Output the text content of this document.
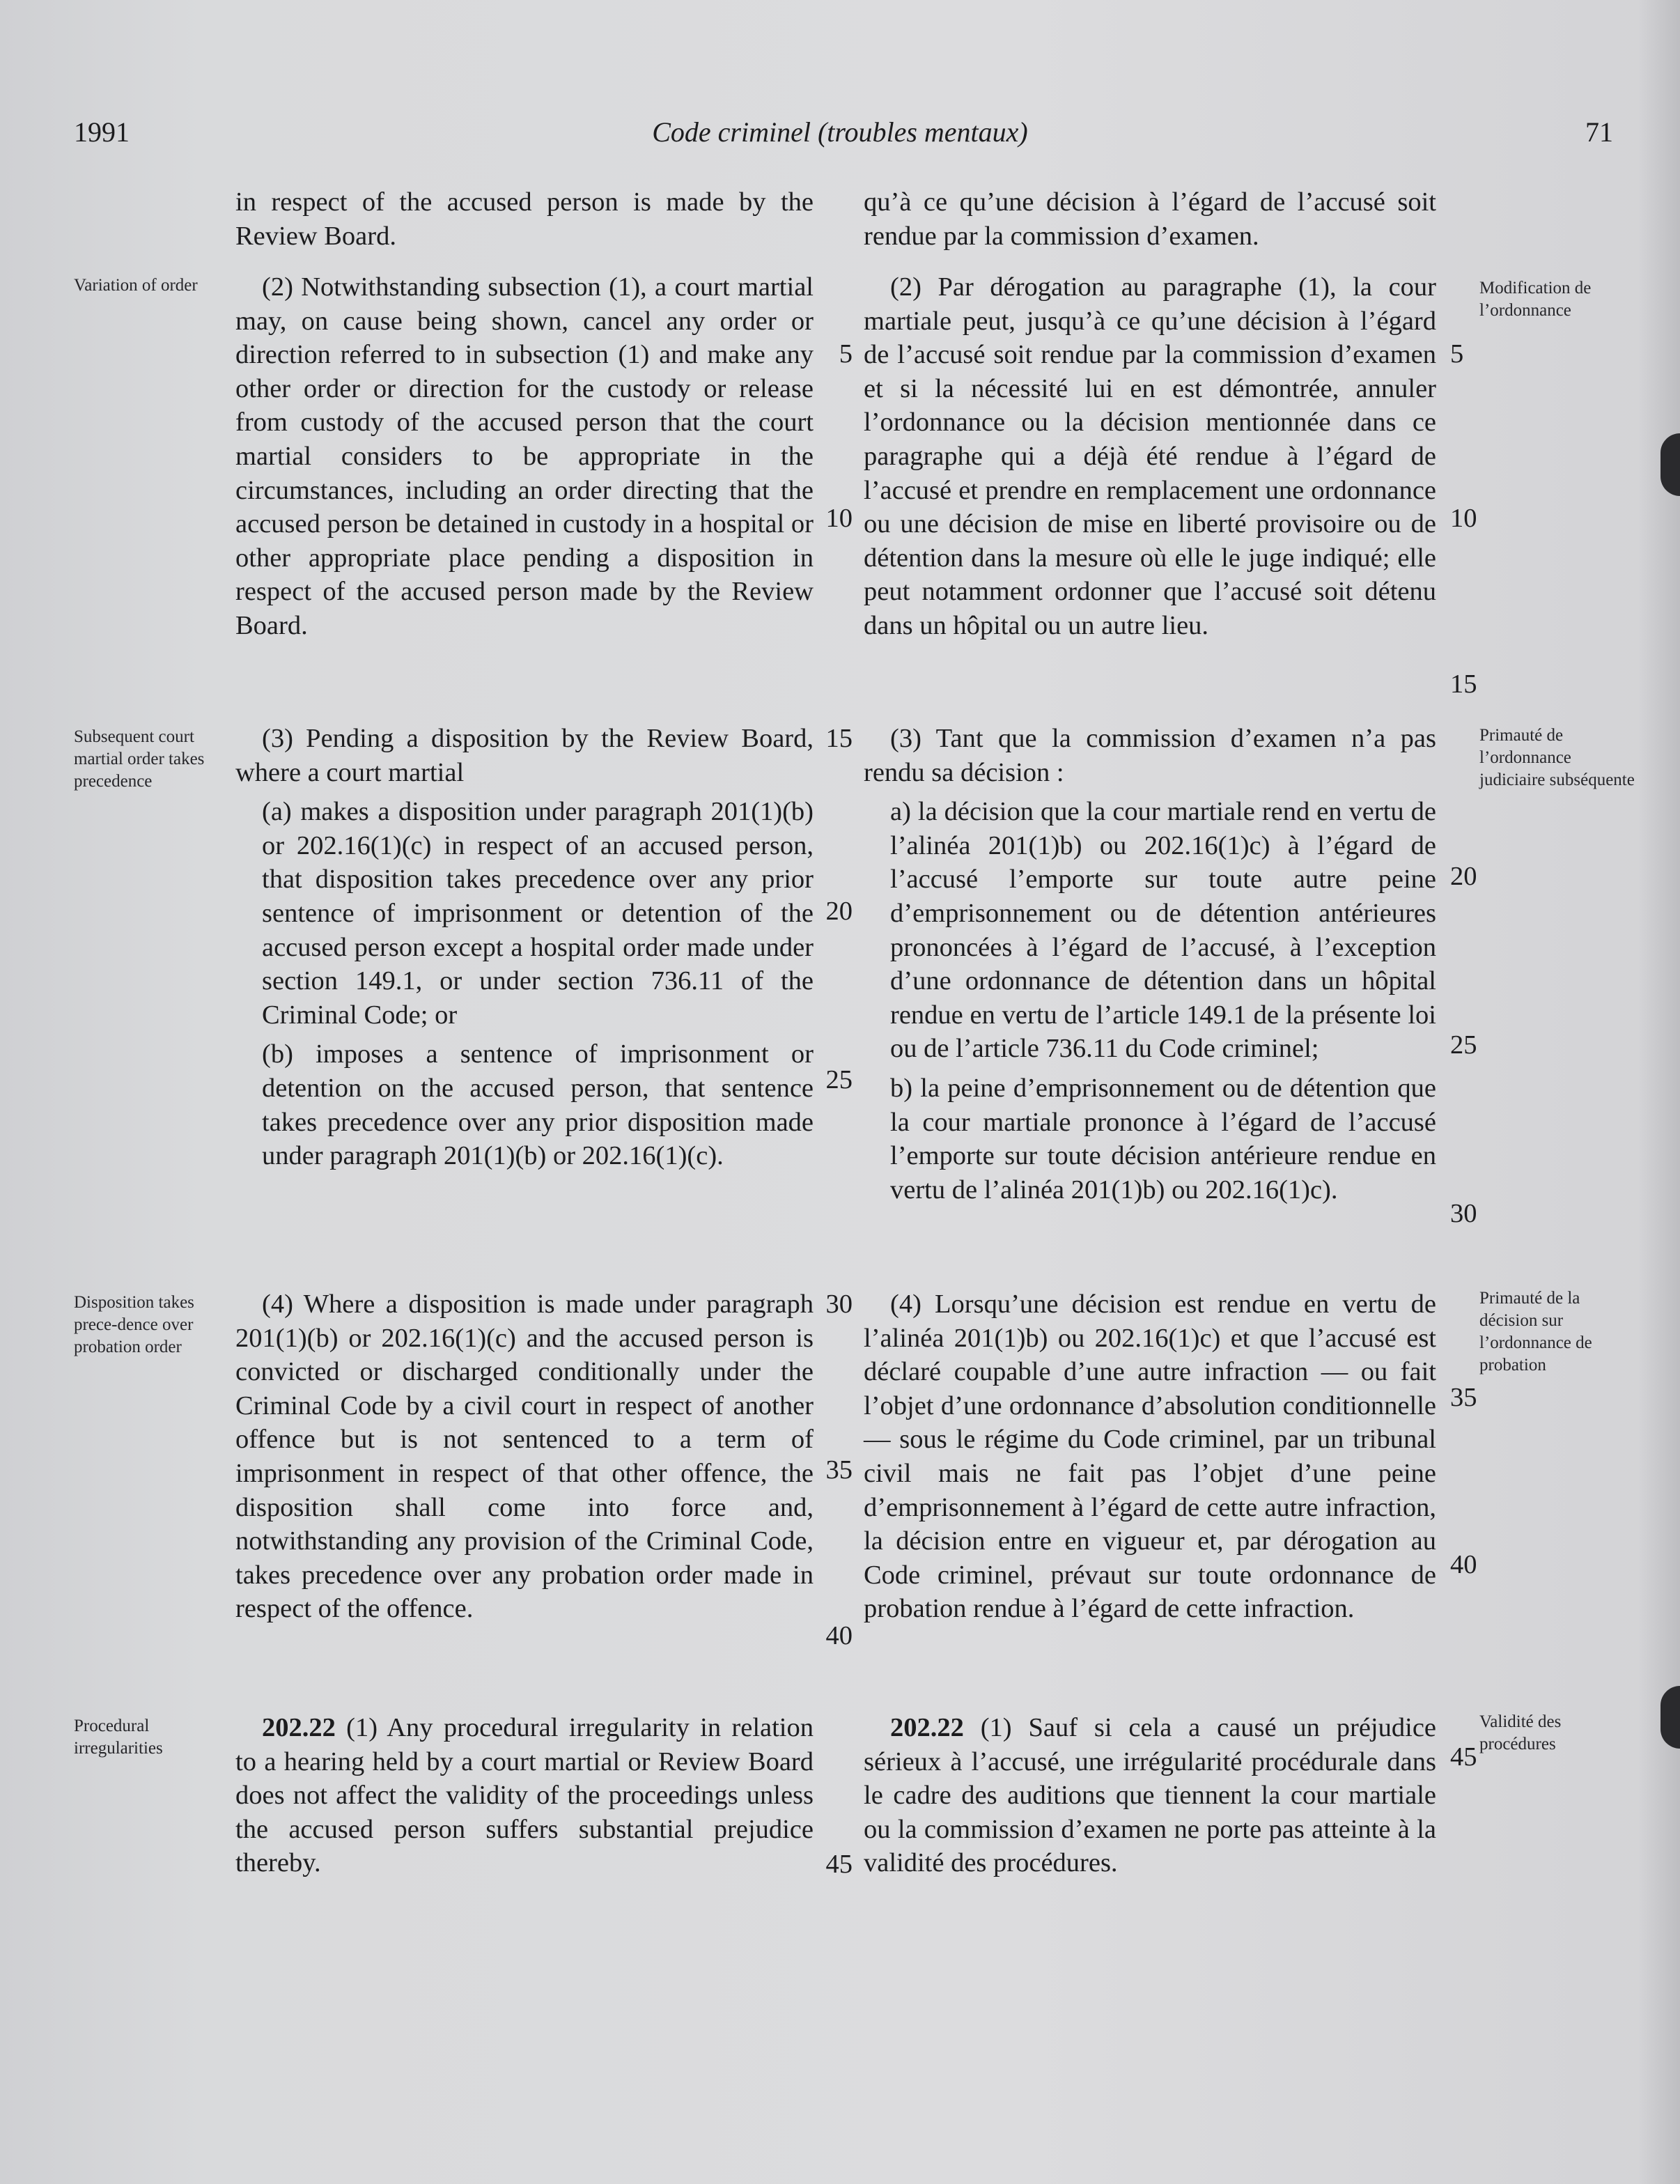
1991	Code criminel (troubles mentaux)	71
Variation of order
Subsequent court martial order takes precedence
Disposition takes prece-dence over probation order
Procedural irregularities
Modification de l’ordonnance
Primauté de l’ordonnance judiciaire subséquente
Primauté de la décision sur l’ordonnance de probation
Validité des procédures

in respect of the accused person is made by the Review Board.

(2) Notwithstanding subsection (1), a court martial may, on cause being shown, cancel any order or direction referred to in subsection (1) and make any other order or direction for the custody or release from custody of the accused person that the court martial considers to be appropriate in the circumstances, including an order directing that the accused person be detained in custody in a hospital or other appropriate place pending a disposition in respect of the accused person made by the Review Board.

(3) Pending a disposition by the Review Board, where a court martial

(a) makes a disposition under paragraph 201(1)(b) or 202.16(1)(c) in respect of an accused person, that disposition takes precedence over any prior sentence of imprisonment or detention of the accused person except a hospital order made under section 149.1, or under section 736.11 of the Criminal Code; or

(b) imposes a sentence of imprisonment or detention on the accused person, that sentence takes precedence over any prior disposition made under paragraph 201(1)(b) or 202.16(1)(c).

(4) Where a disposition is made under paragraph 201(1)(b) or 202.16(1)(c) and the accused person is convicted or discharged conditionally under the Criminal Code by a civil court in respect of another offence but is not sentenced to a term of imprisonment in respect of that other offence, the disposition shall come into force and, notwithstanding any provision of the Criminal Code, takes precedence over any probation order made in respect of the offence.

202.22 (1) Any procedural irregularity in relation to a hearing held by a court martial or Review Board does not affect the validity of the proceedings unless the accused person suffers substantial prejudice thereby.

qu’à ce qu’une décision à l’égard de l’accusé soit rendue par la commission d’examen.

(2) Par dérogation au paragraphe (1), la cour martiale peut, jusqu’à ce qu’une décision à l’égard de l’accusé soit rendue par la commission d’examen et si la nécessité lui en est démontrée, annuler l’ordonnance ou la décision mentionnée dans ce paragraphe qui a déjà été rendue à l’égard de l’accusé et prendre en remplacement une ordonnance ou une décision de mise en liberté provisoire ou de détention dans la mesure où elle le juge indiqué; elle peut notamment ordonner que l’accusé soit détenu dans un hôpital ou un autre lieu.

(3) Tant que la commission d’examen n’a pas rendu sa décision :

a) la décision que la cour martiale rend en vertu de l’alinéa 201(1)b) ou 202.16(1)c) à l’égard de l’accusé l’emporte sur toute autre peine d’emprisonnement ou de détention antérieures prononcées à l’égard de l’accusé, à l’exception d’une ordonnance de détention dans un hôpital rendue en vertu de l’article 149.1 de la présente loi ou de l’article 736.11 du Code criminel;

b) la peine d’emprisonnement ou de détention que la cour martiale prononce à l’égard de l’accusé l’emporte sur toute décision antérieure rendue en vertu de l’alinéa 201(1)b) ou 202.16(1)c).

(4) Lorsqu’une décision est rendue en vertu de l’alinéa 201(1)b) ou 202.16(1)c) et que l’accusé est déclaré coupable d’une autre infraction — ou fait l’objet d’une ordonnance d’absolution conditionnelle — sous le régime du Code criminel, par un tribunal civil mais ne fait pas l’objet d’une peine d’emprisonnement à l’égard de cette autre infraction, la décision entre en vigueur et, par dérogation au Code criminel, prévaut sur toute ordonnance de probation rendue à l’égard de cette infraction.

202.22 (1) Sauf si cela a causé un préjudice sérieux à l’accusé, une irrégularité procédurale dans le cadre des auditions que tiennent la cour martiale ou la commission d’examen ne porte pas atteinte à la validité des procédures.

5
10
15
20
25
30
35
40
45
5
10
15
20
25
30
35
40
45
